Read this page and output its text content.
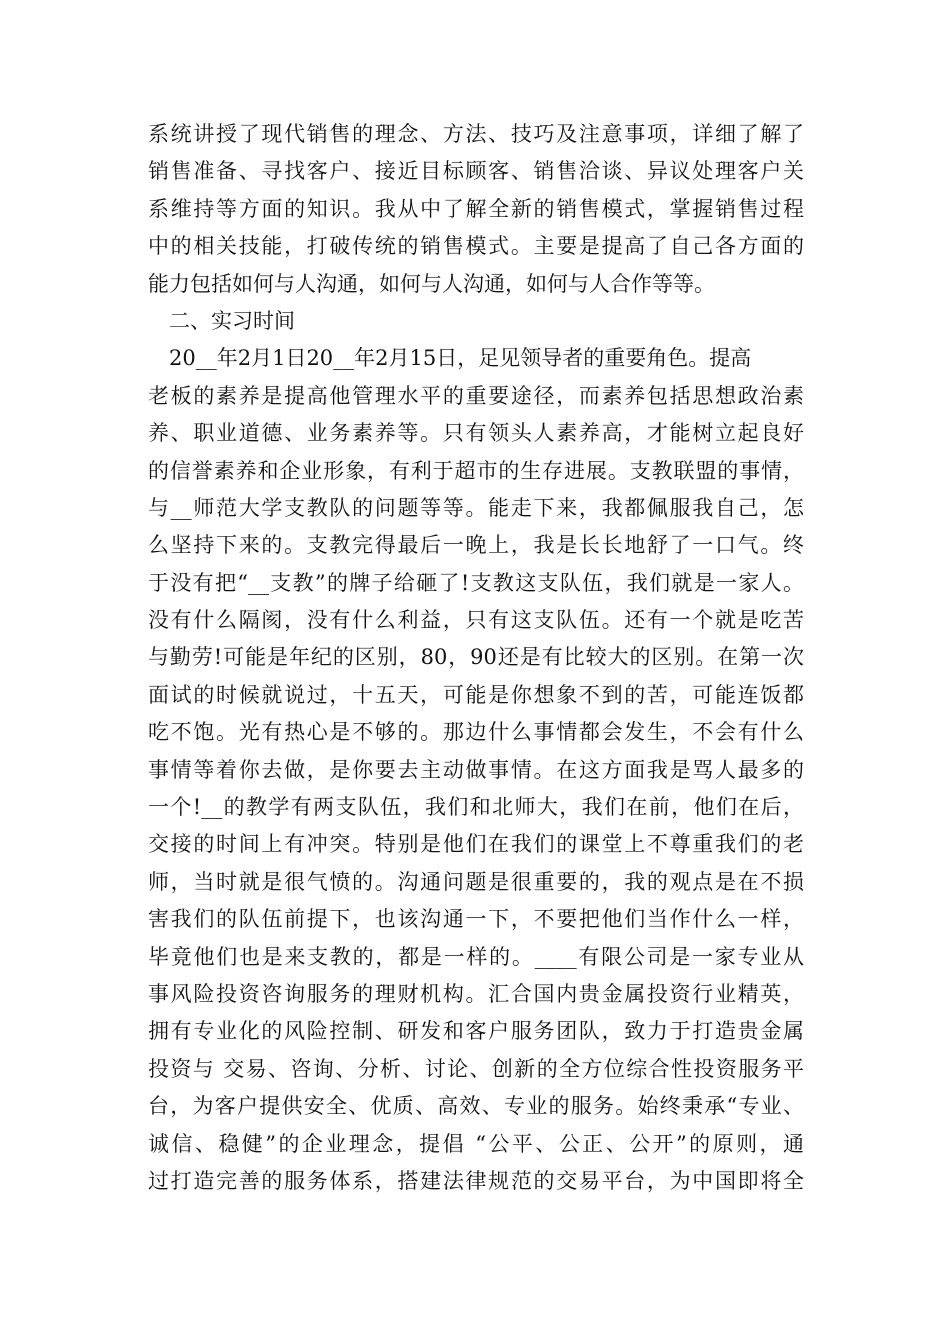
系统讲授了现代销售的理念、方法、技巧及注意事项，详细了解了
销售准备、寻找客户、接近目标顾客、销售洽谈、异议处理客户关
系维持等方面的知识。我从中了解全新的销售模式，掌握销售过程
中的相关技能，打破传统的销售模式。主要是提高了自己各方面的
能力包括如何与人沟通，如何与人沟通，如何与人合作等等。
二、实习时间
20__年2月1日20__年2月15日，足见领导者的重要角色。提高
老板的素养是提高他管理水平的重要途径，而素养包括思想政治素
养、职业道德、业务素养等。只有领头人素养高，才能树立起良好
的信誉素养和企业形象，有利于超市的生存进展。支教联盟的事情，
与__师范大学支教队的问题等等。能走下来，我都佩服我自己，怎
么坚持下来的。支教完得最后一晚上，我是长长地舒了一口气。终
于没有把“__支教”的牌子给砸了!支教这支队伍，我们就是一家人。
没有什么隔阂，没有什么利益，只有这支队伍。还有一个就是吃苦
与勤劳!可能是年纪的区别，80，90还是有比较大的区别。在第一次
面试的时候就说过，十五天，可能是你想象不到的苦，可能连饭都
吃不饱。光有热心是不够的。那边什么事情都会发生，不会有什么
事情等着你去做，是你要去主动做事情。在这方面我是骂人最多的
一个!__的教学有两支队伍，我们和北师大，我们在前，他们在后，
交接的时间上有冲突。特别是他们在我们的课堂上不尊重我们的老
师，当时就是很气愤的。沟通问题是很重要的，我的观点是在不损
害我们的队伍前提下，也该沟通一下，不要把他们当作什么一样，
毕竟他们也是来支教的，都是一样的。____有限公司是一家专业从
事风险投资咨询服务的理财机构。汇合国内贵金属投资行业精英，
拥有专业化的风险控制、研发和客户服务团队，致力于打造贵金属
投资与 交易、咨询、分析、讨论、创新的全方位综合性投资服务平
台，为客户提供安全、优质、高效、专业的服务。始终秉承“专业、
诚信、稳健”的企业理念，提倡 “公平、公正、公开”的原则，通
过打造完善的服务体系，搭建法律规范的交易平台，为中国即将全
